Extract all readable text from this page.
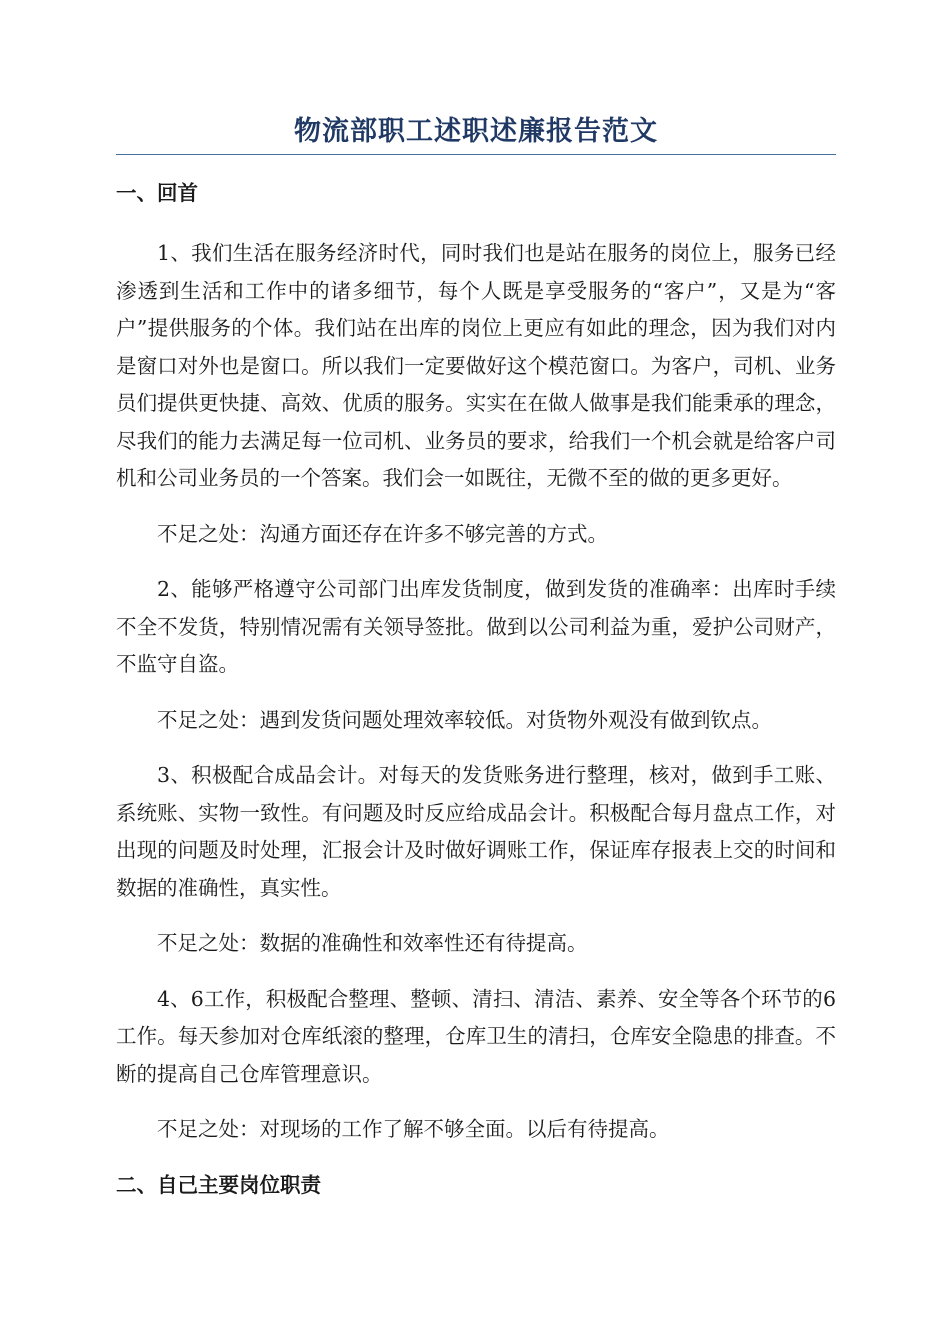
物流部职工述职述廉报告范文
一、回首

1、我们生活在服务经济时代，同时我们也是站在服务的岗位上，服务已经渗透到生活和工作中的诸多细节，每个人既是享受服务的“客户”，又是为“客户”提供服务的个体。我们站在出库的岗位上更应有如此的理念，因为我们对内是窗口对外也是窗口。所以我们一定要做好这个模范窗口。为客户，司机、业务员们提供更快捷、高效、优质的服务。实实在在做人做事是我们能秉承的理念，尽我们的能力去满足每一位司机、业务员的要求，给我们一个机会就是给客户司机和公司业务员的一个答案。我们会一如既往，无微不至的做的更多更好。

不足之处：沟通方面还存在许多不够完善的方式。

2、能够严格遵守公司部门出库发货制度，做到发货的准确率：出库时手续不全不发货，特别情况需有关领导签批。做到以公司利益为重，爱护公司财产，不监守自盗。

不足之处：遇到发货问题处理效率较低。对货物外观没有做到钦点。

3、积极配合成品会计。对每天的发货账务进行整理，核对，做到手工账、系统账、实物一致性。有问题及时反应给成品会计。积极配合每月盘点工作，对出现的问题及时处理，汇报会计及时做好调账工作，保证库存报表上交的时间和数据的准确性，真实性。

不足之处：数据的准确性和效率性还有待提高。

4、6工作，积极配合整理、整顿、清扫、清洁、素养、安全等各个环节的6工作。每天参加对仓库纸滚的整理，仓库卫生的清扫，仓库安全隐患的排查。不断的提高自己仓库管理意识。

不足之处：对现场的工作了解不够全面。以后有待提高。

二、自己主要岗位职责
